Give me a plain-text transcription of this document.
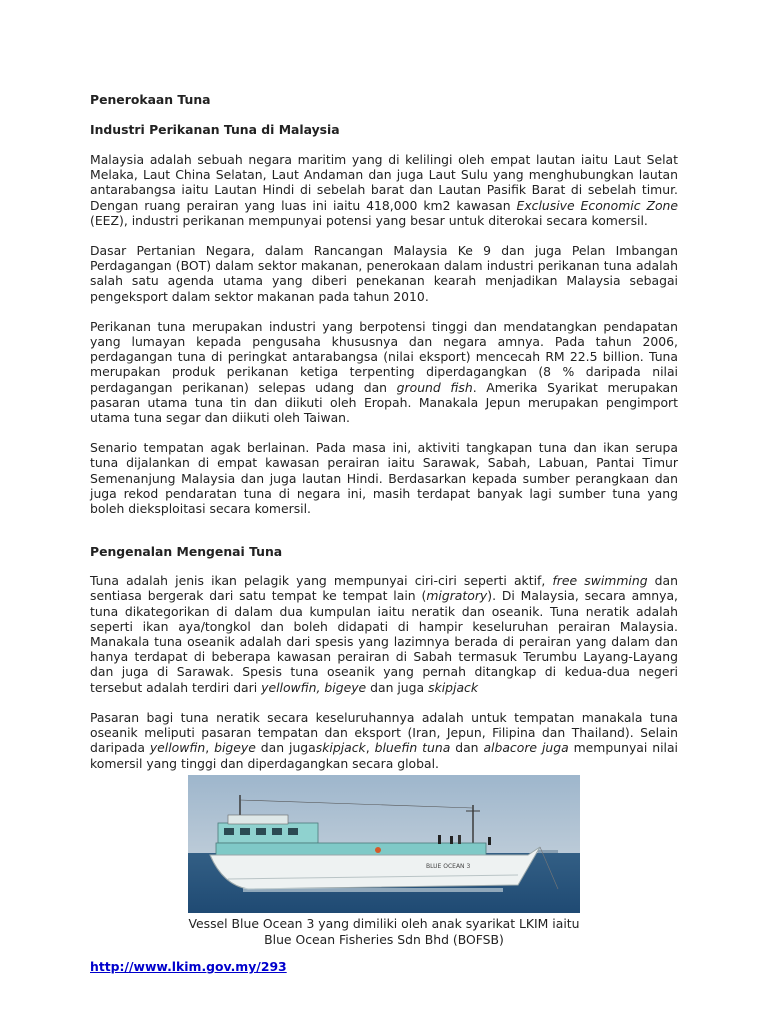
Penerokaan Tuna
Industri Perikanan Tuna di Malaysia

Malaysia adalah sebuah negara maritim yang di kelilingi oleh empat lautan iaitu Laut Selat Melaka, Laut China Selatan, Laut Andaman dan juga Laut Sulu yang menghubungkan lautan antarabangsa iaitu Lautan Hindi di sebelah barat dan Lautan Pasifik Barat di sebelah timur. Dengan ruang perairan yang luas ini iaitu 418,000 km2 kawasan Exclusive Economic Zone (EEZ), industri perikanan mempunyai potensi yang besar untuk diterokai secara komersil.

Dasar Pertanian Negara, dalam Rancangan Malaysia Ke 9 dan juga Pelan Imbangan Perdagangan (BOT) dalam sektor makanan, penerokaan dalam industri perikanan tuna adalah salah satu agenda utama yang diberi penekanan kearah menjadikan Malaysia sebagai pengeksport dalam sektor makanan pada tahun 2010.

Perikanan tuna merupakan industri yang berpotensi tinggi dan mendatangkan pendapatan yang lumayan kepada pengusaha khususnya dan negara amnya. Pada tahun 2006, perdagangan tuna di peringkat antarabangsa (nilai eksport) mencecah RM 22.5 billion. Tuna merupakan produk perikanan ketiga terpenting diperdagangkan (8 % daripada nilai perdagangan perikanan) selepas udang dan ground fish. Amerika Syarikat merupakan pasaran utama tuna tin dan diikuti oleh Eropah. Manakala Jepun merupakan pengimport utama tuna segar dan diikuti oleh Taiwan.

Senario tempatan agak berlainan. Pada masa ini, aktiviti tangkapan tuna dan ikan serupa tuna dijalankan di empat kawasan perairan iaitu Sarawak, Sabah, Labuan, Pantai Timur Semenanjung Malaysia dan juga lautan Hindi. Berdasarkan kepada sumber perangkaan dan juga rekod pendaratan tuna di negara ini, masih terdapat banyak lagi sumber tuna yang boleh dieksploitasi secara komersil.

Pengenalan Mengenai Tuna

Tuna adalah jenis ikan pelagik yang mempunyai ciri-ciri seperti aktif, free swimming dan sentiasa bergerak dari satu tempat ke tempat lain (migratory). Di Malaysia, secara amnya, tuna dikategorikan di dalam dua kumpulan iaitu neratik dan oseanik. Tuna neratik adalah seperti ikan aya/tongkol dan boleh didapati di hampir keseluruhan perairan Malaysia. Manakala tuna oseanik adalah dari spesis yang lazimnya berada di perairan yang dalam dan hanya terdapat di beberapa kawasan perairan di Sabah termasuk Terumbu Layang-Layang dan juga di Sarawak. Spesis tuna oseanik yang pernah ditangkap di kedua-dua negeri tersebut adalah terdiri dari yellowfin, bigeye dan juga skipjack

Pasaran bagi tuna neratik secara keseluruhannya adalah untuk tempatan manakala tuna oseanik meliputi pasaran tempatan dan eksport (Iran, Jepun, Filipina dan Thailand). Selain daripada yellowfin, bigeye dan jugaskipjack, bluefin tuna dan albacore juga mempunyai nilai komersil yang tinggi dan diperdagangkan secara global.

BLUE OCEAN 3
Vessel Blue Ocean 3 yang dimiliki oleh anak syarikat LKIM iaitu
Blue Ocean Fisheries Sdn Bhd (BOFSB)
http://www.lkim.gov.my/293
